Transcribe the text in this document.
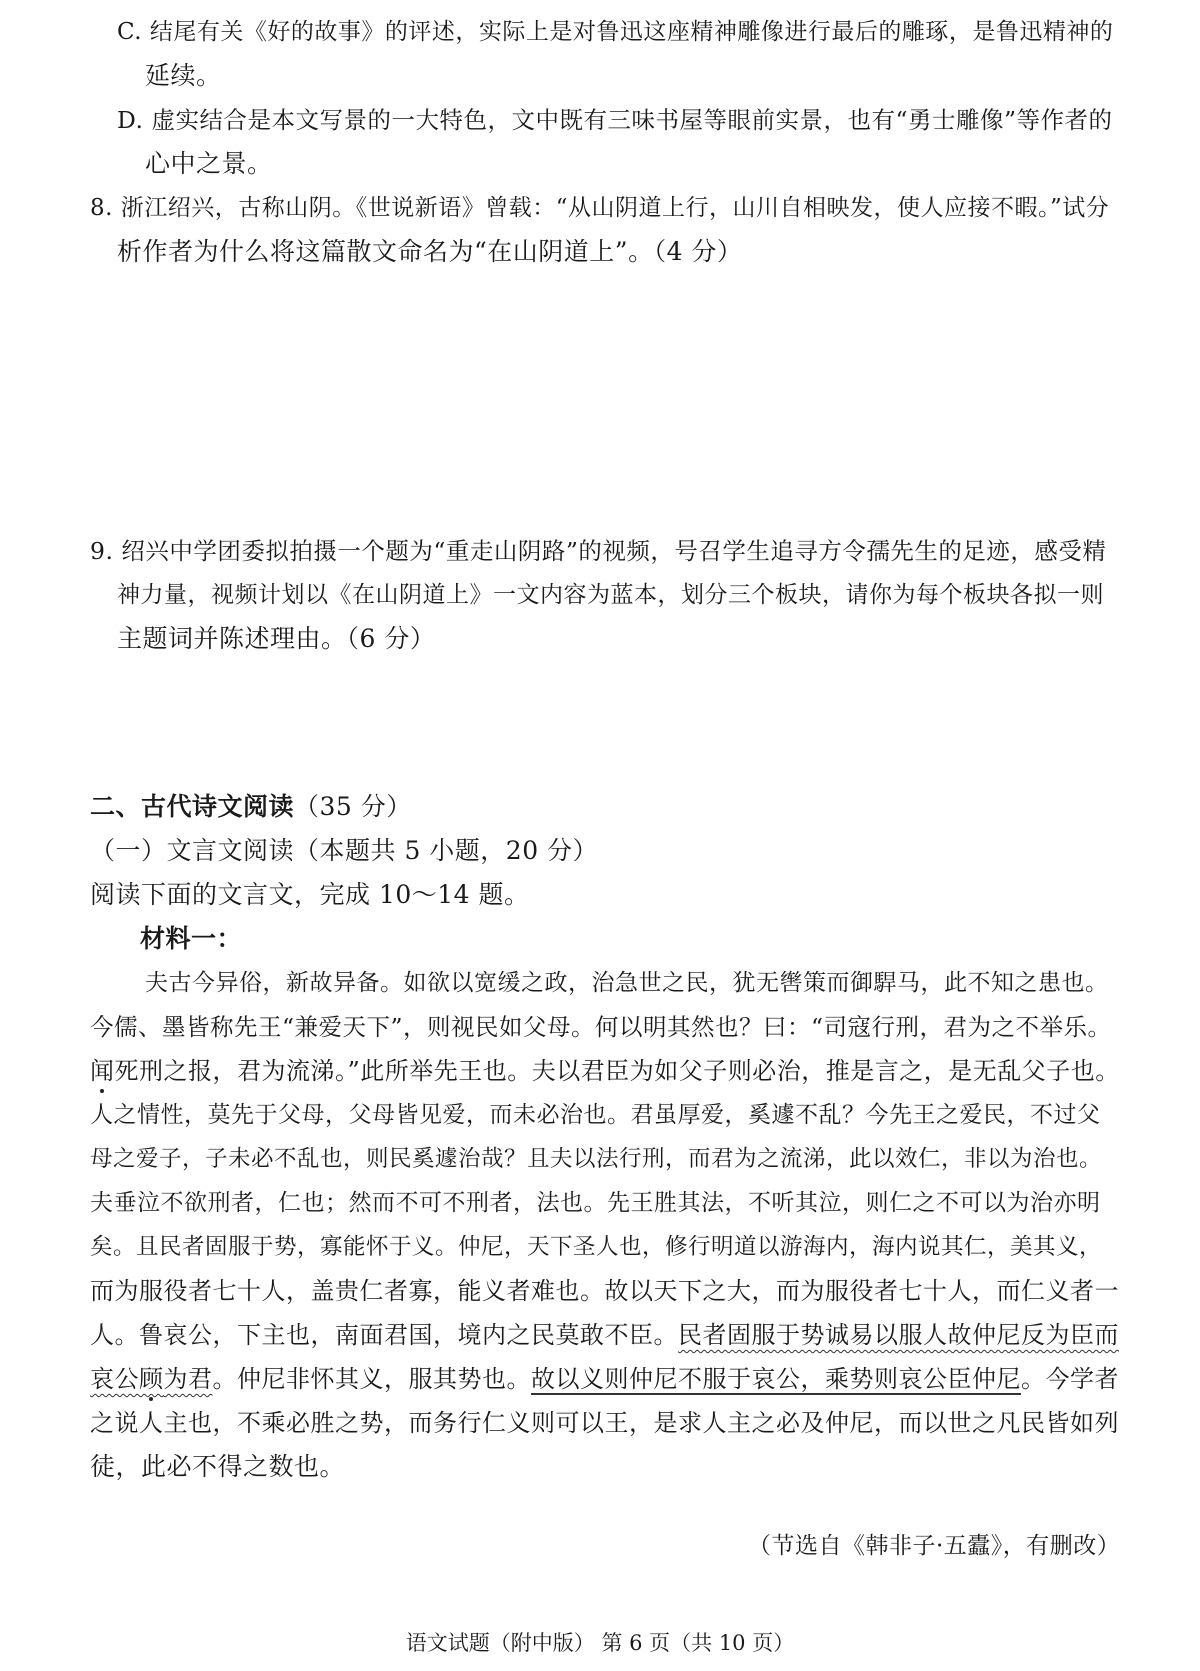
C. 结尾有关《好的故事》的评述，实际上是对鲁迅这座精神雕像进行最后的雕琢，是鲁迅精神的
延续。
D. 虚实结合是本文写景的一大特色，文中既有三味书屋等眼前实景，也有“勇士雕像”等作者的
心中之景。
8. 浙江绍兴，古称山阴。《世说新语》曾载：“从山阴道上行，山川自相映发，使人应接不暇。”试分
析作者为什么将这篇散文命名为“在山阴道上”。（4 分）
9. 绍兴中学团委拟拍摄一个题为“重走山阴路”的视频，号召学生追寻方令孺先生的足迹，感受精
神力量，视频计划以《在山阴道上》一文内容为蓝本，划分三个板块，请你为每个板块各拟一则
主题词并陈述理由。（6 分）
二、古代诗文阅读（35 分）
（一）文言文阅读（本题共 5 小题，20 分）
阅读下面的文言文，完成 10～14 题。
材料一：
夫古今异俗，新故异备。如欲以宽缓之政，治急世之民，犹无辔策而御駻马，此不知之患也。
今儒、墨皆称先王“兼爱天下”，则视民如父母。何以明其然也？曰：“司寇行刑，君为之不举乐。
闻死刑之报，君为流涕。”此所举先王也。夫以君臣为如父子则必治，推是言之，是无乱父子也。
人之情性，莫先于父母，父母皆见爱，而未必治也。君虽厚爱，奚遽不乱？今先王之爱民，不过父
母之爱子，子未必不乱也，则民奚遽治哉？且夫以法行刑，而君为之流涕，此以效仁，非以为治也。
夫垂泣不欲刑者，仁也；然而不可不刑者，法也。先王胜其法，不听其泣，则仁之不可以为治亦明
矣。且民者固服于势，寡能怀于义。仲尼，天下圣人也，修行明道以游海内，海内说其仁，美其义，
而为服役者七十人，盖贵仁者寡，能义者难也。故以天下之大，而为服役者七十人，而仁义者一
人。鲁哀公，下主也，南面君国，境内之民莫敢不臣。民者固服于势诚易以服人故仲尼反为臣而
哀公顾为君。仲尼非怀其义，服其势也。故以义则仲尼不服于哀公，乘势则哀公臣仲尼。今学者
之说人主也，不乘必胜之势，而务行仁义则可以王，是求人主之必及仲尼，而以世之凡民皆如列
徒，此必不得之数也。
（节选自《韩非子·五蠹》，有删改）
语文试题（附中版） 第 6 页（共 10 页）
